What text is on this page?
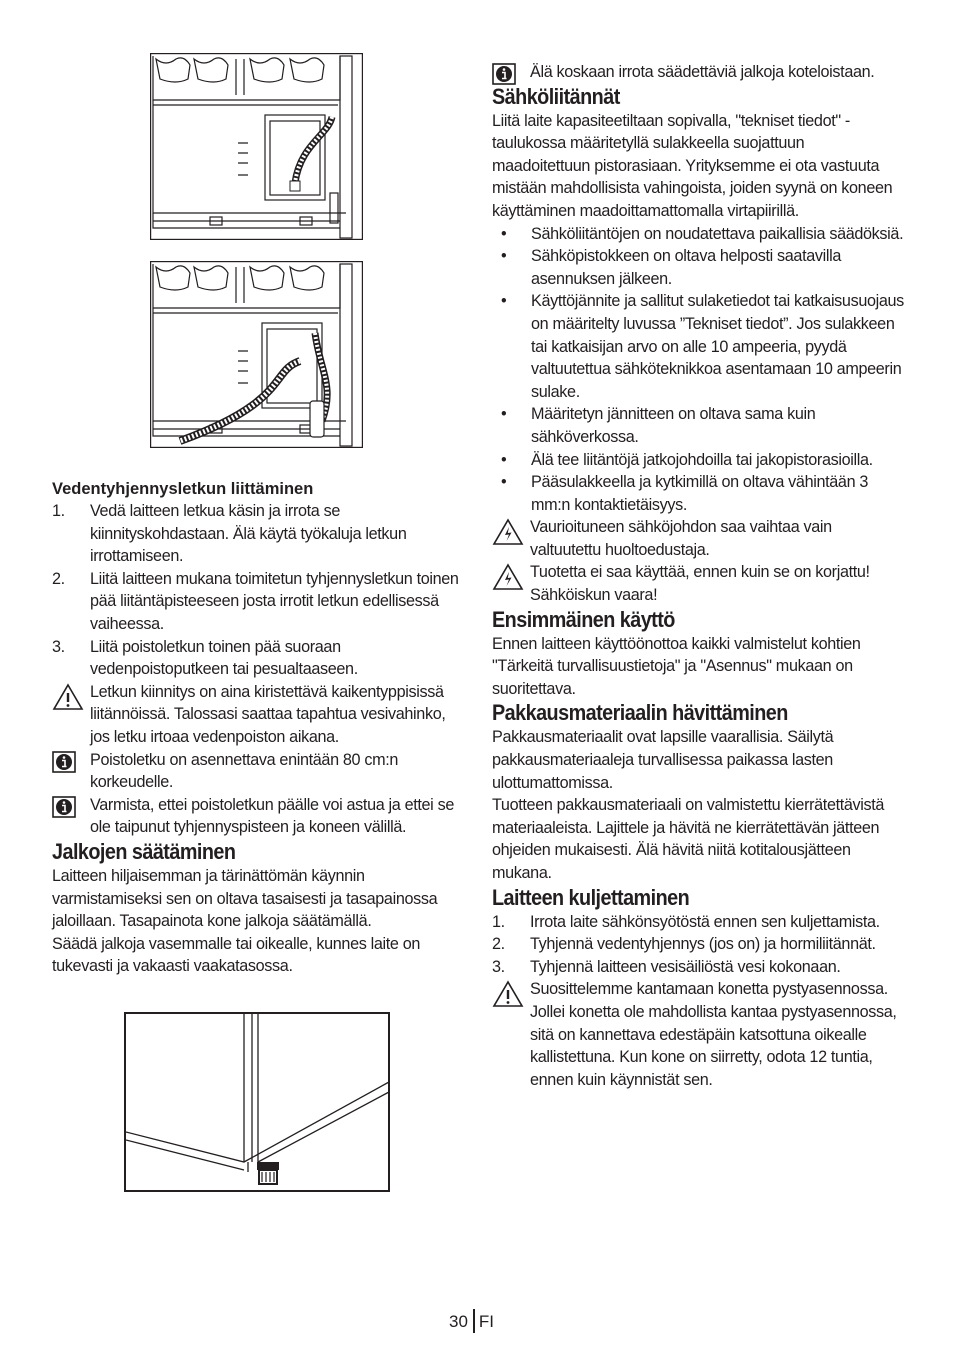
Vedentyhjennysletkun liittäminen

1. Vedä laitteen letkua käsin ja irrota se kiinnityskohdastaan. Älä käytä työkaluja letkun irrottamiseen.
2. Liitä laitteen mukana toimitetun tyhjennysletkun toinen pää liitäntäpisteeseen josta irrotit letkun edellisessä vaiheessa.
3. Liitä poistoletkun toinen pää suoraan vedenpoistoputkeen tai pesualtaaseen.
Letkun kiinnitys on aina kiristettävä kaikentyppisissä liitännöissä. Talossasi saattaa tapahtua vesivahinko, jos letku irtoaa vedenpoiston aikana.
Poistoletku on asennettava enintään 80 cm:n korkeudelle.
Varmista, ettei poistoletkun päälle voi astua ja ettei se ole taipunut tyhjennyspisteen ja koneen välillä.

Jalkojen säätäminen

Laitteen hiljaisemman ja tärinättömän käynnin varmistamiseksi sen on oltava tasaisesti ja tasapainossa jaloillaan. Tasapainota kone jalkoja säätämällä.

Säädä jalkoja vasemmalle tai oikealle, kunnes laite on tukevasti ja vakaasti vaakatasossa.

Älä koskaan irrota säädettäviä jalkoja koteloistaan.

Sähköliitännät

Liitä laite kapasiteetiltaan sopivalla, "tekniset tiedot" -taulukossa määritetyllä sulakkeella suojattuun maadoitettuun pistorasiaan. Yrityksemme ei ota vastuuta mistään mahdollisista vahingoista, joiden syynä on koneen käyttäminen maadoittamattomalla virtapiirillä.

• Sähköliitäntöjen on noudatettava paikallisia säädöksiä.
• Sähköpistokkeen on oltava helposti saatavilla asennuksen jälkeen.
• Käyttöjännite ja sallitut sulaketiedot tai katkaisusuojaus on määritelty luvussa ”Tekniset tiedot”. Jos sulakkeen tai katkaisijan arvo on alle 10 ampeeria, pyydä valtuutettua sähköteknikkoa asentamaan 10 ampeerin sulake.
• Määritetyn jännitteen on oltava sama kuin sähköverkossa.
• Älä tee liitäntöjä jatkojohdoilla tai jakopistorasioilla.
• Pääsulakkeella ja kytkimillä on oltava vähintään 3 mm:n kontaktietäisyys.
Vaurioituneen sähköjohdon saa vaihtaa vain valtuutettu huoltoedustaja.
Tuotetta ei saa käyttää, ennen kuin se on korjattu! Sähköiskun vaara!

Ensimmäinen käyttö

Ennen laitteen käyttöönottoa kaikki valmistelut kohtien "Tärkeitä turvallisuustietoja" ja "Asennus" mukaan on suoritettava.

Pakkausmateriaalin hävittäminen

Pakkausmateriaalit ovat lapsille vaarallisia. Säilytä pakkausmateriaaleja turvallisessa paikassa lasten ulottumattomissa.

Tuotteen pakkausmateriaali on valmistettu kierrätettävistä materiaaleista. Lajittele ja hävitä ne kierrätettävän jätteen ohjeiden mukaisesti. Älä hävitä niitä kotitalousjätteen mukana.

Laitteen kuljettaminen

1. Irrota laite sähkönsyötöstä ennen sen kuljettamista.
2. Tyhjennä vedentyhjennys (jos on) ja hormiliitännät.
3. Tyhjennä laitteen vesisäiliöstä vesi kokonaan.
Suosittelemme kantamaan konetta pystyasennossa. Jollei konetta ole mahdollista kantaa pystyasennossa, sitä on kannettava edestäpäin katsottuna oikealle kallistettuna. Kun kone on siirretty, odota 12 tuntia, ennen kuin käynnistät sen.
30 FI
